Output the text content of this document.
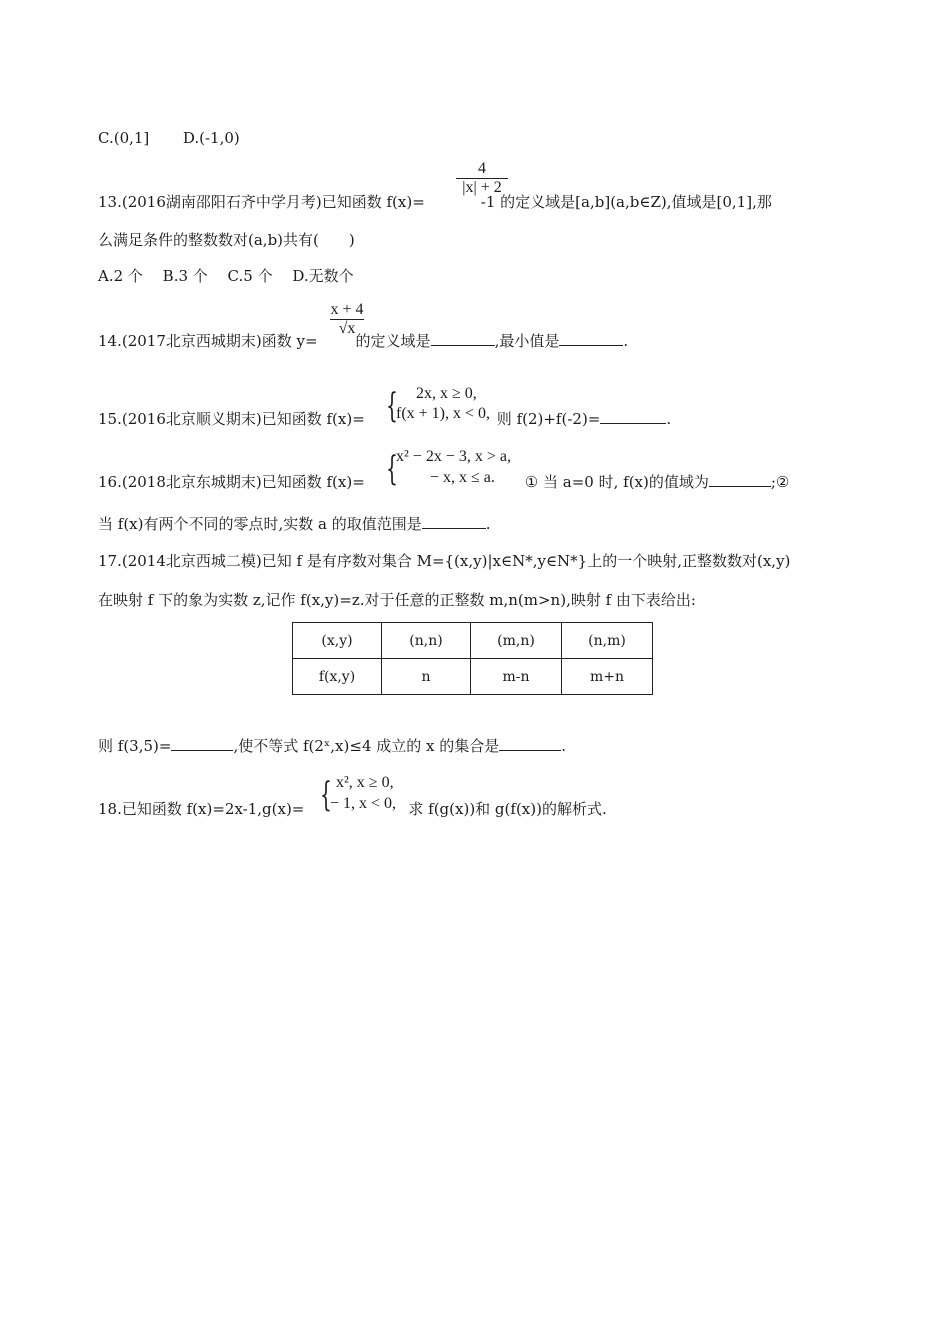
C.(0,1] D.(-1,0)
4
|x| + 2
13.(2016湖南邵阳石齐中学月考)已知函数 f(x)=	-1 的定义域是[a,b](a,b∈Z),值域是[0,1],那
么满足条件的整数数对(a,b)共有(　　)
A.2 个　 B.3 个　 C.5 个　 D.无数个
x + 4
√x
14.(2017北京西城期末)函数 y=	的定义域是	,最小值是	.
{ 2x, x ≥ 0,
f(x + 1), x < 0,
15.(2016北京顺义期末)已知函数 f(x)=	则 f(2)+f(-2)=	.
{
x² − 2x − 3, x > a,
− x, x ≤ a.
16.(2018北京东城期末)已知函数 f(x)=	① 当 a=0 时, f(x)的值域为	;②
当 f(x)有两个不同的零点时,实数 a 的取值范围是	.
17.(2014北京西城二模)已知 f 是有序数对集合 M={(x,y)|x∈N*,y∈N*}上的一个映射,正整数数对(x,y)
在映射 f 下的象为实数 z,记作 f(x,y)=z.对于任意的正整数 m,n(m>n),映射 f 由下表给出:
(x,y)	(n,n)	(m,n)	(n,m)
f(x,y)	n	m-n	m+n
则 f(3,5)=	,使不等式 f(2ˣ,x)≤4 成立的 x 的集合是	.
{ x², x ≥ 0,
− 1, x < 0,
18.已知函数 f(x)=2x-1,g(x)=	求 f(g(x))和 g(f(x))的解析式.
